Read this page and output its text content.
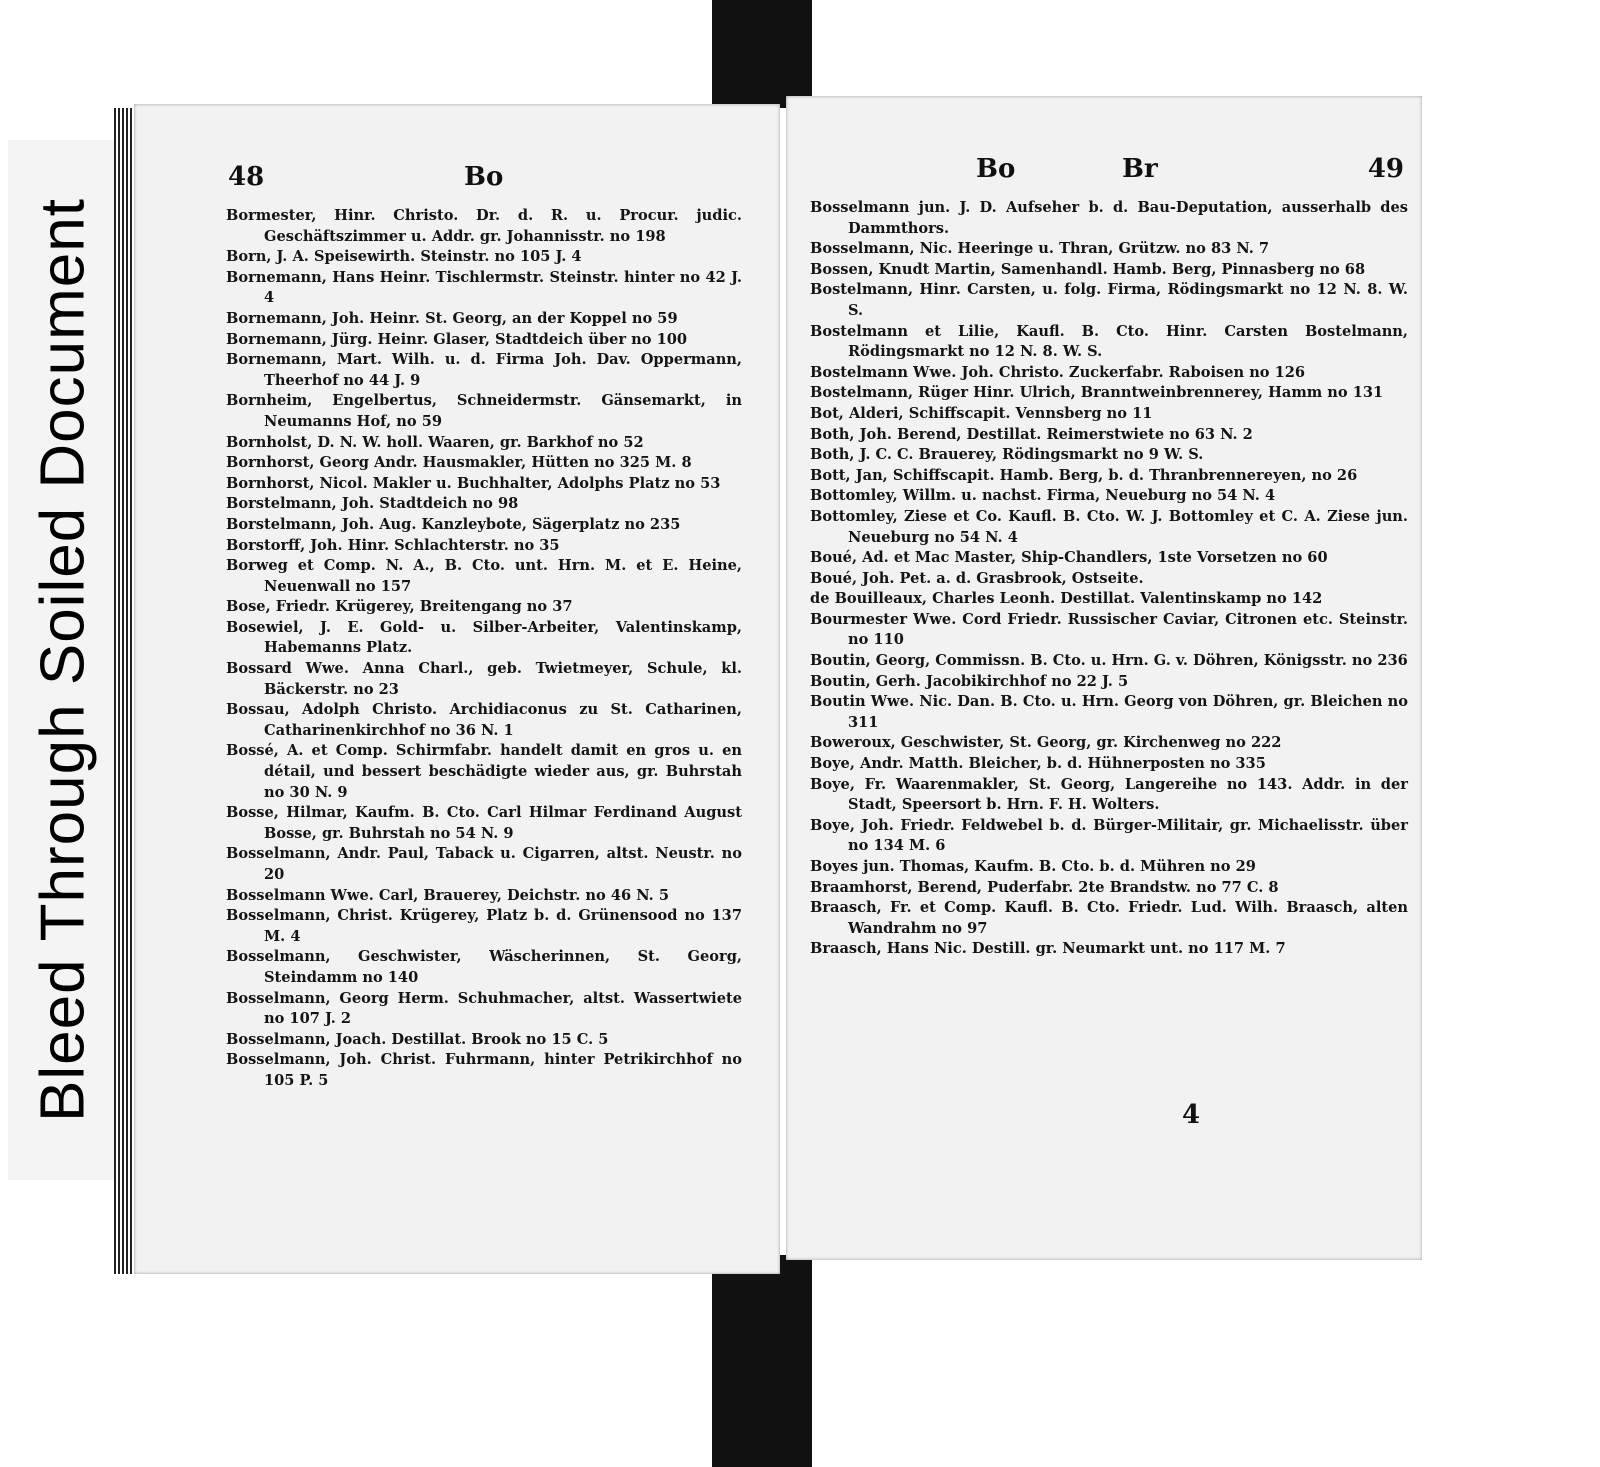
Bleed Through Soiled Document
48	Bo
Bormester, Hinr. Christo. Dr. d. R. u. Procur. judic. Geschäftszimmer u. Addr. gr. Johannisstr. no 198
Born, J. A. Speisewirth. Steinstr. no 105 J. 4
Bornemann, Hans Heinr. Tischlermstr. Steinstr. hinter no 42 J. 4
Bornemann, Joh. Heinr. St. Georg, an der Koppel no 59
Bornemann, Jürg. Heinr. Glaser, Stadtdeich über no 100
Bornemann, Mart. Wilh. u. d. Firma Joh. Dav. Oppermann, Theerhof no 44 J. 9
Bornheim, Engelbertus, Schneidermstr. Gänsemarkt, in Neumanns Hof, no 59
Bornholst, D. N. W. holl. Waaren, gr. Barkhof no 52
Bornhorst, Georg Andr. Hausmakler, Hütten no 325 M. 8
Bornhorst, Nicol. Makler u. Buchhalter, Adolphs Platz no 53
Borstelmann, Joh. Stadtdeich no 98
Borstelmann, Joh. Aug. Kanzleybote, Sägerplatz no 235
Borstorff, Joh. Hinr. Schlachterstr. no 35
Borweg et Comp. N. A., B. Cto. unt. Hrn. M. et E. Heine, Neuenwall no 157
Bose, Friedr. Krügerey, Breitengang no 37
Bosewiel, J. E. Gold- u. Silber-Arbeiter, Valentinskamp, Habemanns Platz.
Bossard Wwe. Anna Charl., geb. Twietmeyer, Schule, kl. Bäckerstr. no 23
Bossau, Adolph Christo. Archidiaconus zu St. Catharinen, Catharinenkirchhof no 36 N. 1
Bossé, A. et Comp. Schirmfabr. handelt damit en gros u. en détail, und bessert beschädigte wieder aus, gr. Buhrstah no 30 N. 9
Bosse, Hilmar, Kaufm. B. Cto. Carl Hilmar Ferdinand August Bosse, gr. Buhrstah no 54 N. 9
Bosselmann, Andr. Paul, Taback u. Cigarren, altst. Neustr. no 20
Bosselmann Wwe. Carl, Brauerey, Deichstr. no 46 N. 5
Bosselmann, Christ. Krügerey, Platz b. d. Grünensood no 137 M. 4
Bosselmann, Geschwister, Wäscherinnen, St. Georg, Steindamm no 140
Bosselmann, Georg Herm. Schuhmacher, altst. Wassertwiete no 107 J. 2
Bosselmann, Joach. Destillat. Brook no 15 C. 5
Bosselmann, Joh. Christ. Fuhrmann, hinter Petrikirchhof no 105 P. 5
Bo	Br	49
Bosselmann jun. J. D. Aufseher b. d. Bau-Deputation, ausserhalb des Dammthors.
Bosselmann, Nic. Heeringe u. Thran, Grützw. no 83 N. 7
Bossen, Knudt Martin, Samenhandl. Hamb. Berg, Pinnasberg no 68
Bostelmann, Hinr. Carsten, u. folg. Firma, Rödingsmarkt no 12 N. 8. W. S.
Bostelmann et Lilie, Kaufl. B. Cto. Hinr. Carsten Bostelmann, Rödingsmarkt no 12 N. 8. W. S.
Bostelmann Wwe. Joh. Christo. Zuckerfabr. Raboisen no 126
Bostelmann, Rüger Hinr. Ulrich, Branntweinbrennerey, Hamm no 131
Bot, Alderi, Schiffscapit. Vennsberg no 11
Both, Joh. Berend, Destillat. Reimerstwiete no 63 N. 2
Both, J. C. C. Brauerey, Rödingsmarkt no 9 W. S.
Bott, Jan, Schiffscapit. Hamb. Berg, b. d. Thranbrennereyen, no 26
Bottomley, Willm. u. nachst. Firma, Neueburg no 54 N. 4
Bottomley, Ziese et Co. Kaufl. B. Cto. W. J. Bottomley et C. A. Ziese jun. Neueburg no 54 N. 4
Boué, Ad. et Mac Master, Ship-Chandlers, 1ste Vorsetzen no 60
Boué, Joh. Pet. a. d. Grasbrook, Ostseite.
de Bouilleaux, Charles Leonh. Destillat. Valentinskamp no 142
Bourmester Wwe. Cord Friedr. Russischer Caviar, Citronen etc. Steinstr. no 110
Boutin, Georg, Commissn. B. Cto. u. Hrn. G. v. Döhren, Königsstr. no 236
Boutin, Gerh. Jacobikirchhof no 22 J. 5
Boutin Wwe. Nic. Dan. B. Cto. u. Hrn. Georg von Döhren, gr. Bleichen no 311
Boweroux, Geschwister, St. Georg, gr. Kirchenweg no 222
Boye, Andr. Matth. Bleicher, b. d. Hühnerposten no 335
Boye, Fr. Waarenmakler, St. Georg, Langereihe no 143. Addr. in der Stadt, Speersort b. Hrn. F. H. Wolters.
Boye, Joh. Friedr. Feldwebel b. d. Bürger-Militair, gr. Michaelisstr. über no 134 M. 6
Boyes jun. Thomas, Kaufm. B. Cto. b. d. Mühren no 29
Braamhorst, Berend, Puderfabr. 2te Brandstw. no 77 C. 8
Braasch, Fr. et Comp. Kaufl. B. Cto. Friedr. Lud. Wilh. Braasch, alten Wandrahm no 97
Braasch, Hans Nic. Destill. gr. Neumarkt unt. no 117 M. 7
4
